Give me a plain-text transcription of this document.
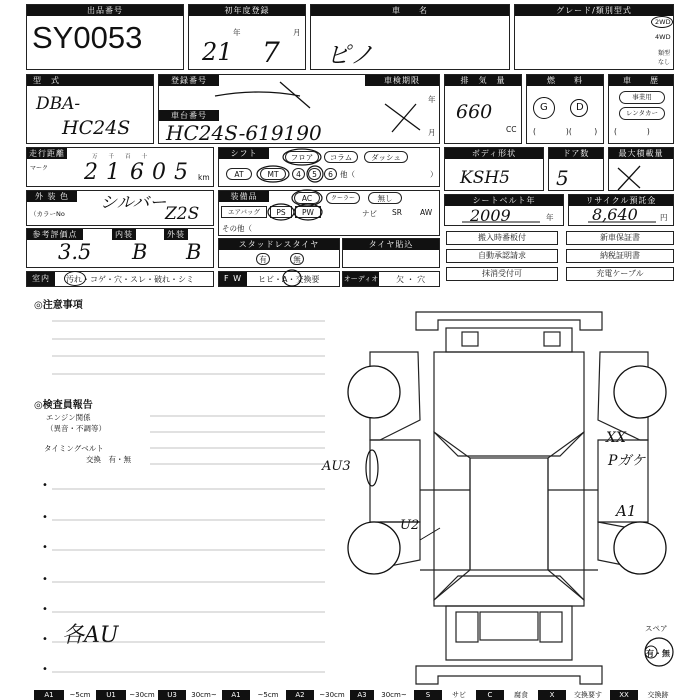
出品番号
SY0053
初年度登録
年	月
21 7
車　　名
ピノ
グレード/類別型式
2WD
4WD
類型
なし
型　式
DBA-
HC24S
登録番号
車台番号
車検期限
年
月
HC24S-619190
排　気　量
660
CC
燃　　料
G	D
(　　　　)(　　　)
車　　歴
事業用
レンタカー
(　　　　)
走行距離
マーク
万千百十
2 1 6 0 5 km
シフト	フロア	コラム	ダッシュ
AT	MT	4	5	6 他（	）
ボディ形状
KSH5
ドア数
5
最大積載量
外 装 色
（カラーNo
シルバー
Z2S
装備品	AC	クーラー	無し
エアバッグ	PS	PW	ナビ SR AW
その他（
シートベルト年
2009	年
リサイクル預託金
8,640	円
参考評価点	内装	外装
3.5 B B	スタッドレスタイヤ
有	無
タイヤ貼込
搬入時番板付	新車保証書
自動承認請求	納税証明書
抹消受付可	充電ケーブル
室内	汚れ・コゲ・穴・スレ・破れ・シミ	F W	ヒビ・A・交換要	オーディオ 欠 ・ 穴
◎注意事項
◎検査員報告
エンジン関係
（異音・不調等）
タイミングベルト
交換　有・無
•
•
•
•
•
•
•
各AU
AU3
U2
XX
Pガケ
A1
スペア
有・無
A1	~5cm	U1	~30cm	U3	30cm~	A1	~5cm	A2	~30cm	A3	30cm~	S	サビ	C	腐食	X	交換要す	XX	交換跡
